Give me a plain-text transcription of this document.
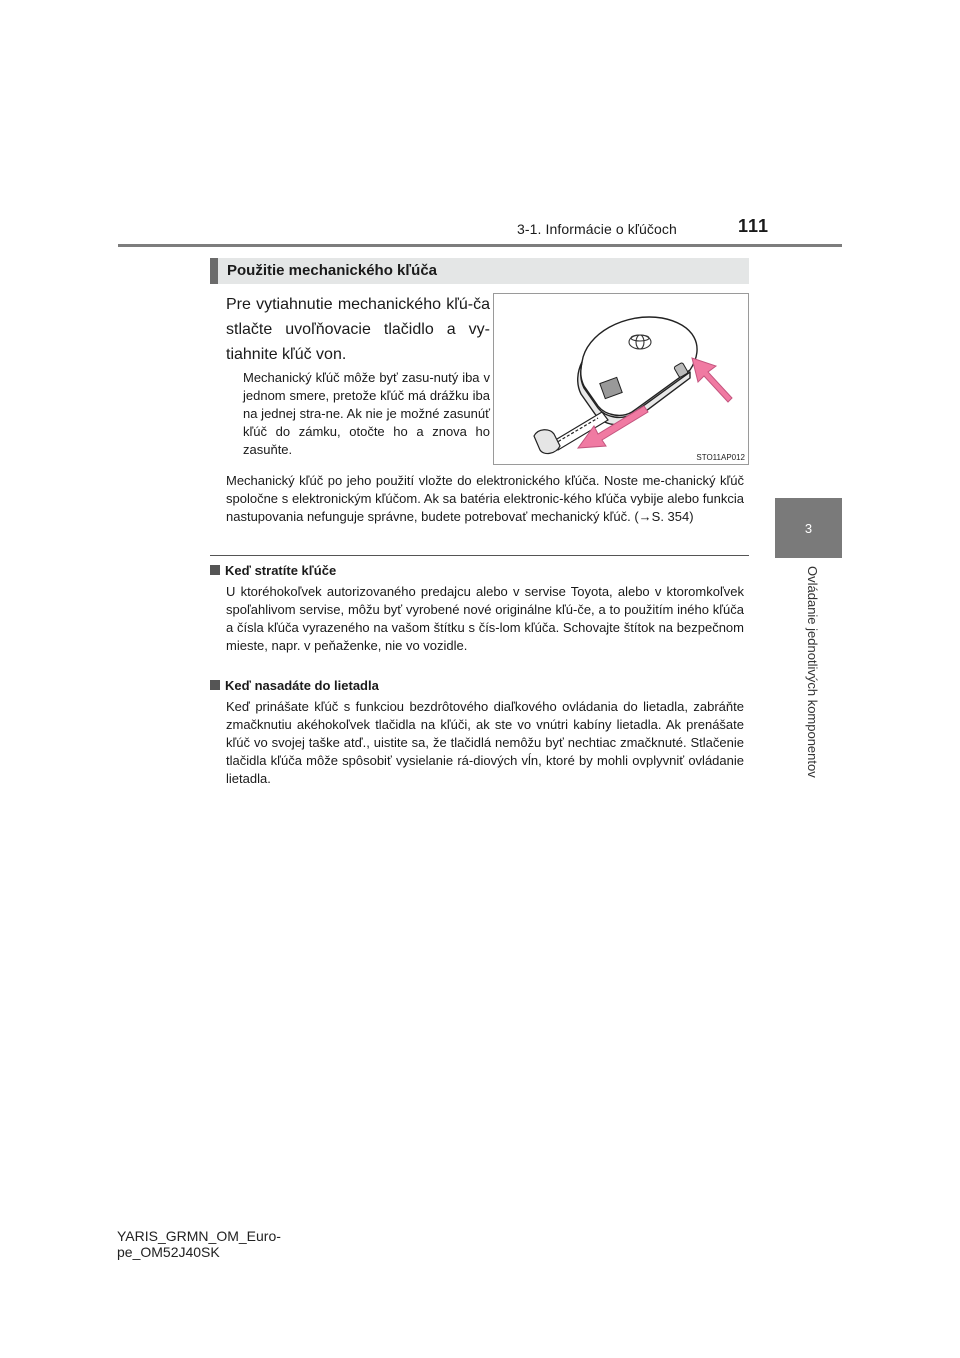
3-1. Informácie o kľúčoch	111
3
Ovládanie jednotlivých komponentov
Použitie mechanického kľúča
Pre vytiahnutie mechanického kľú-ča stlačte uvoľňovacie tlačidlo a vy-tiahnite kľúč von.
Mechanický kľúč môže byť zasu-nutý iba v jednom smere, pretože kľúč má drážku iba na jednej stra-ne. Ak nie je možné zasunúť kľúč do zámku, otočte ho a znova ho zasuňte.
STO11AP012
Mechanický kľúč po jeho použití vložte do elektronického kľúča. Noste me-chanický kľúč spoločne s elektronickým kľúčom. Ak sa batéria elektronic-kého kľúča vybije alebo funkcia nastupovania nefunguje správne, budete potrebovať mechanický kľúč. (→S. 354)
Keď stratíte kľúče
U ktoréhokoľvek autorizovaného predajcu alebo v servise Toyota, alebo v ktoromkoľvek spoľahlivom servise, môžu byť vyrobené nové originálne kľú-če, a to použitím iného kľúča a čísla kľúča vyrazeného na vašom štítku s čís-lom kľúča. Schovajte štítok na bezpečnom mieste, napr. v peňaženke, nie vo vozidle.
Keď nasadáte do lietadla
Keď prinášate kľúč s funkciou bezdrôtového diaľkového ovládania do lietadla, zabráňte zmačknutiu akéhokoľvek tlačidla na kľúči, ak ste vo vnútri kabíny lietadla. Ak prenášate kľúč vo svojej taške atď., uistite sa, že tlačidlá nemôžu byť nechtiac zmačknuté. Stlačenie tlačidla kľúča môže spôsobiť vysielanie rá-diových vĺn, ktoré by mohli ovplyvniť ovládanie lietadla.
YARIS_GRMN_OM_Euro-
pe_OM52J40SK
